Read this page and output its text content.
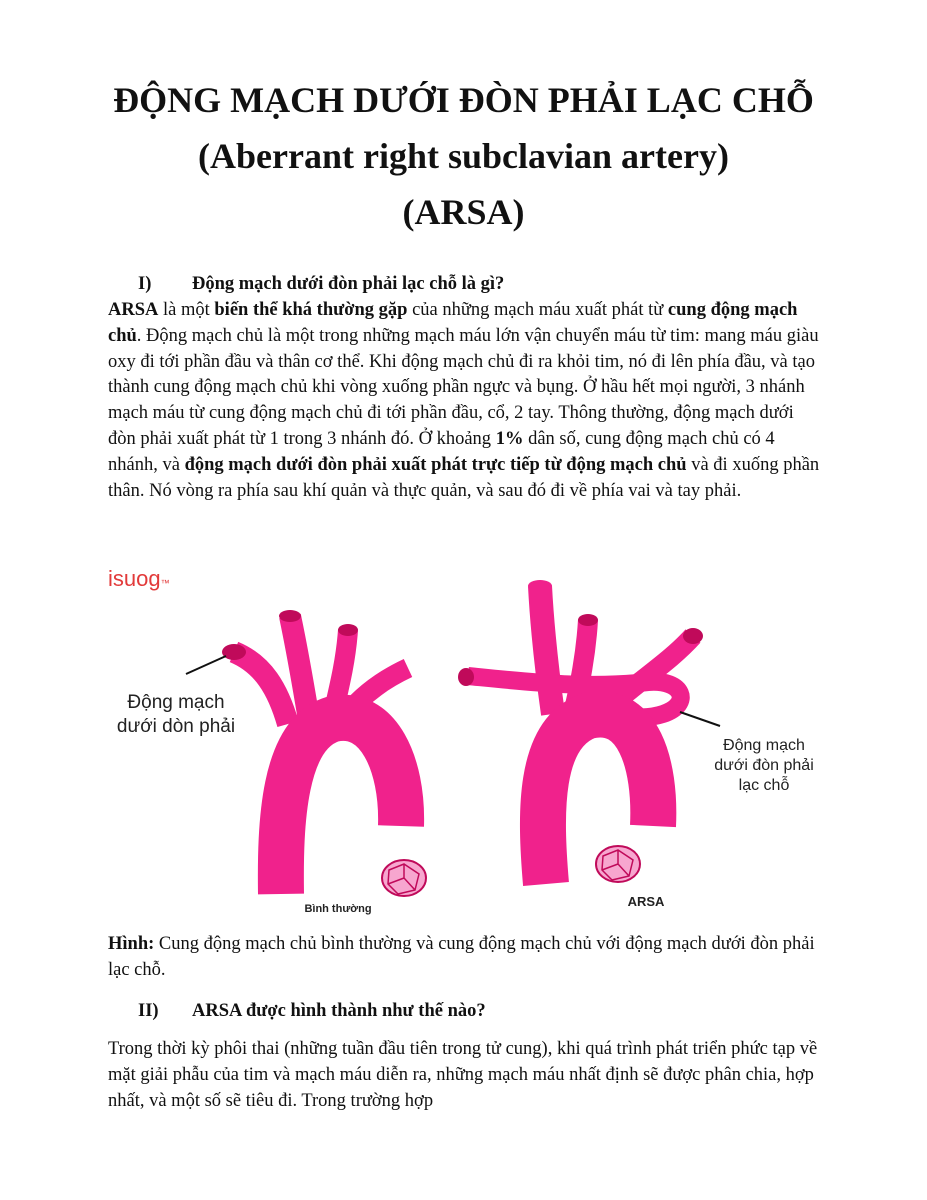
ĐỘNG MẠCH DƯỚI ĐÒN PHẢI LẠC CHỖ
(Aberrant right subclavian artery)
(ARSA)
I) Động mạch dưới đòn phải lạc chỗ là gì?

ARSA là một biến thể khá thường gặp của những mạch máu xuất phát từ cung động mạch chủ. Động mạch chủ là một trong những mạch máu lớn vận chuyển máu từ tim: mang máu giàu oxy đi tới phần đầu và thân cơ thể. Khi động mạch chủ đi ra khỏi tim, nó đi lên phía đầu, và tạo thành cung động mạch chủ khi vòng xuống phần ngực và bụng. Ở hầu hết mọi người, 3 nhánh mạch máu từ cung động mạch chủ đi tới phần đầu, cổ, 2 tay. Thông thường, động mạch dưới đòn phải xuất phát từ 1 trong 3 nhánh đó. Ở khoảng 1% dân số, cung động mạch chủ có 4 nhánh, và động mạch dưới đòn phải xuất phát trực tiếp từ động mạch chủ và đi xuống phần thân. Nó vòng ra phía sau khí quản và thực quản, và sau đó đi về phía vai và tay phải.

isuog™
Động mạch
dưới dòn phải
Bình thường
Động mạch
dưới đòn phải
lạc chỗ
ARSA

Hình: Cung động mạch chủ bình thường và cung động mạch chủ với động mạch dưới đòn phải lạc chỗ.

II) ARSA được hình thành như thế nào?

Trong thời kỳ phôi thai (những tuần đầu tiên trong tử cung), khi quá trình phát triển phức tạp về mặt giải phẫu của tim và mạch máu diễn ra, những mạch máu nhất định sẽ được phân chia, hợp nhất, và một số sẽ tiêu đi. Trong trường hợp
